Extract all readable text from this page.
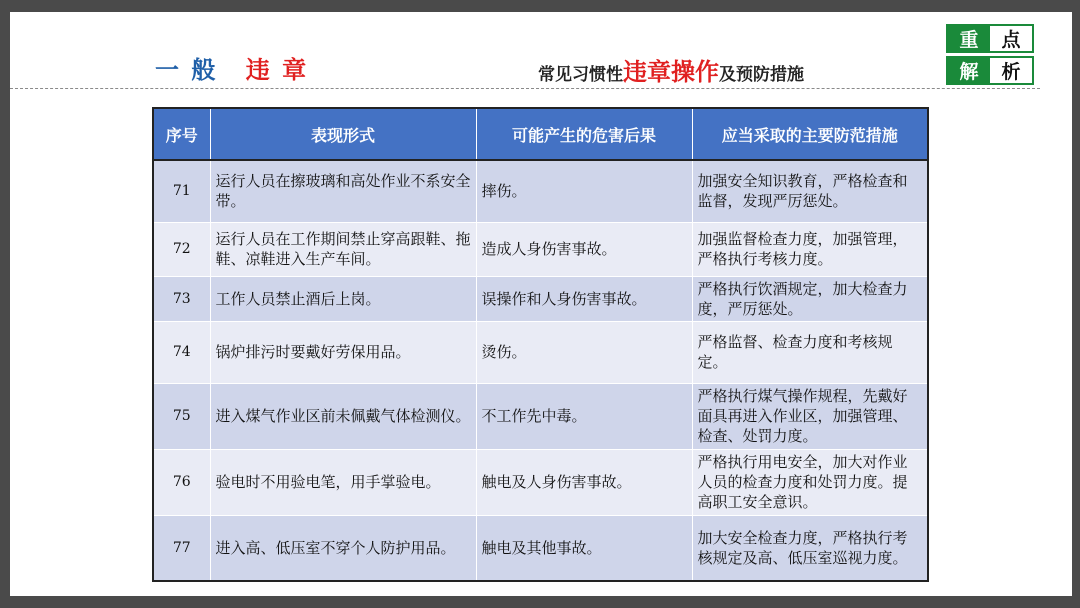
一 般 违 章	常见习惯性违章操作及预防措施
重	点
解	析
序号	表现形式	可能产生的危害后果	应当采取的主要防范措施
71	运行人员在擦玻璃和高处作业不系安全带。	摔伤。	加强安全知识教育，严格检查和监督，发现严厉惩处。
72	运行人员在工作期间禁止穿高跟鞋、拖鞋、凉鞋进入生产车间。	造成人身伤害事故。	加强监督检查力度，加强管理，严格执行考核力度。
73	工作人员禁止酒后上岗。	误操作和人身伤害事故。	严格执行饮酒规定，加大检查力度，严厉惩处。
74	锅炉排污时要戴好劳保用品。	烫伤。	严格监督、检查力度和考核规定。
75	进入煤气作业区前未佩戴气体检测仪。	不工作先中毒。	严格执行煤气操作规程，先戴好面具再进入作业区，加强管理、检查、处罚力度。
76	验电时不用验电笔，用手掌验电。	触电及人身伤害事故。	严格执行用电安全，加大对作业人员的检查力度和处罚力度。提高职工安全意识。
77	进入高、低压室不穿个人防护用品。	触电及其他事故。	加大安全检查力度，严格执行考核规定及高、低压室巡视力度。
